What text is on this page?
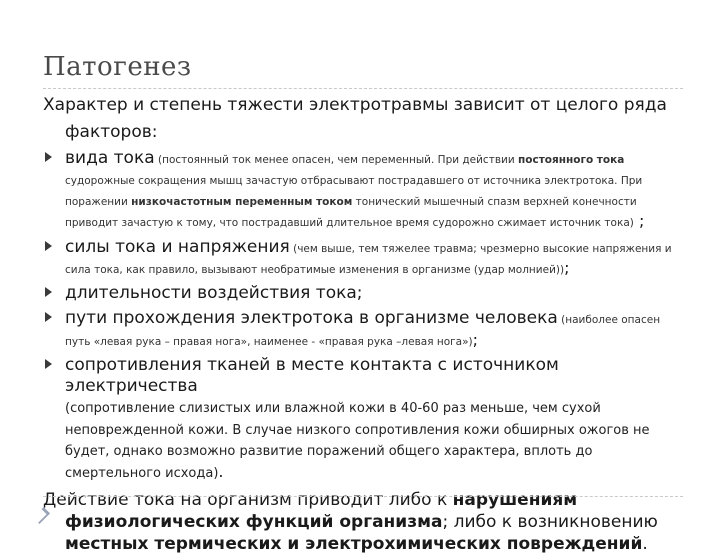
Патогенез

Характер и степень тяжести электротравмы зависит от целого ряда
факторов:

вида тока (постоянный ток менее опасен, чем переменный. При действии постоянного тока судорожные сокращения мышц зачастую отбрасывают пострадавшего от источника электротока. При поражении низкочастотным переменным током тонический мышечный спазм верхней конечности приводит зачастую к тому, что пострадавший длительное время судорожно сжимает источник тока) ;
силы тока и напряжения (чем выше, тем тяжелее травма; чрезмерно высокие напряжения и сила тока, как правило, вызывают необратимые изменения в организме (удар молнией));
длительности воздействия тока;
пути прохождения электротока в организме человека (наиболее опасен путь «левая рука – правая нога», наименее - «правая рука –левая нога»);
сопротивления тканей в месте контакта с источником электричества
(сопротивление слизистых или влажной кожи в 40-60 раз меньше, чем сухой неповрежденной кожи. В случае низкого сопротивления кожи обширных ожогов не будет, однако возможно развитие поражений общего характера, вплоть до смертельного исхода).

Действие тока на организм приводит либо к нарушениям физиологических функций организма; либо к возникновению местных термических и электрохимических повреждений.
